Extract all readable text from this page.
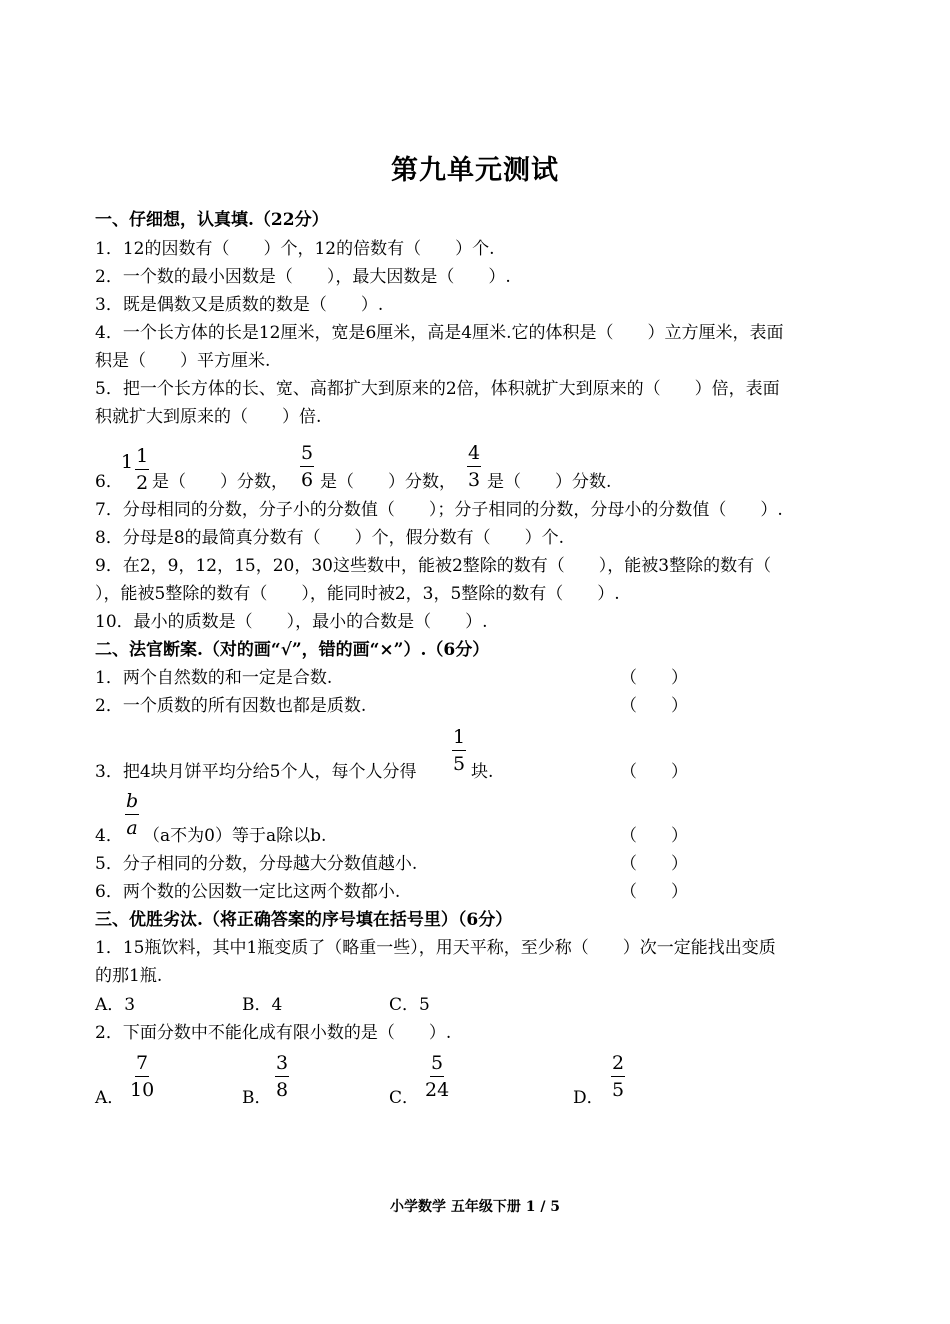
第九单元测试
一、仔细想，认真填.（22分）
1．12的因数有（　　）个，12的倍数有（　　）个.
2．一个数的最小因数是（　　），最大因数是（　　）.
3．既是偶数又是质数的数是（　　）.
4．一个长方体的长是12厘米，宽是6厘米，高是4厘米.它的体积是（　　）立方厘米，表面
积是（　　）平方厘米.
5．把一个长方体的长、宽、高都扩大到原来的2倍，体积就扩大到原来的（　　）倍，表面
积就扩大到原来的（　　）倍.
6．
$1 \frac{1}{2}$ 是（　　）分数， $\frac{5}{6}$ 是（　　）分数， $\frac{4}{3}$ 是（　　）分数.
7．分母相同的分数，分子小的分数值（　　）；分子相同的分数，分母小的分数值（　　）.
8．分母是8的最简真分数有（　　）个，假分数有（　　）个.
9．在2，9，12，15，20，30这些数中，能被2整除的数有（　　），能被3整除的数有（
），能被5整除的数有（　　），能同时被2，3，5整除的数有（　　）.
10．最小的质数是（　　），最小的合数是（　　）.
二、法官断案.（对的画“√”，错的画“×”）.（6分）
1．两个自然数的和一定是合数.	（　　）
2．一个质数的所有因数也都是质数.	（　　）
3．把4块月饼平均分给5个人，每个人分得 $\frac{1}{5}$ 块.	（　　）
4． $\frac{b}{a} (a$不为0）等于a除以b.	（　　）
5．分子相同的分数，分母越大分数值越小.	（　　）
6．两个数的公因数一定比这两个数都小.	（　　）
三、优胜劣汰.（将正确答案的序号填在括号里）（6分）
1．15瓶饮料，其中1瓶变质了（略重一些），用天平称，至少称（　　）次一定能找出变质
的那1瓶.
A．3	B．4	C．5
2．下面分数中不能化成有限小数的是（　　）.
A． $\frac{7}{10}$	B． $\frac{3}{8}$	C． $\frac{5}{24}$	D． $\frac{2}{5}$
小学数学 五年级下册 1 / 5
